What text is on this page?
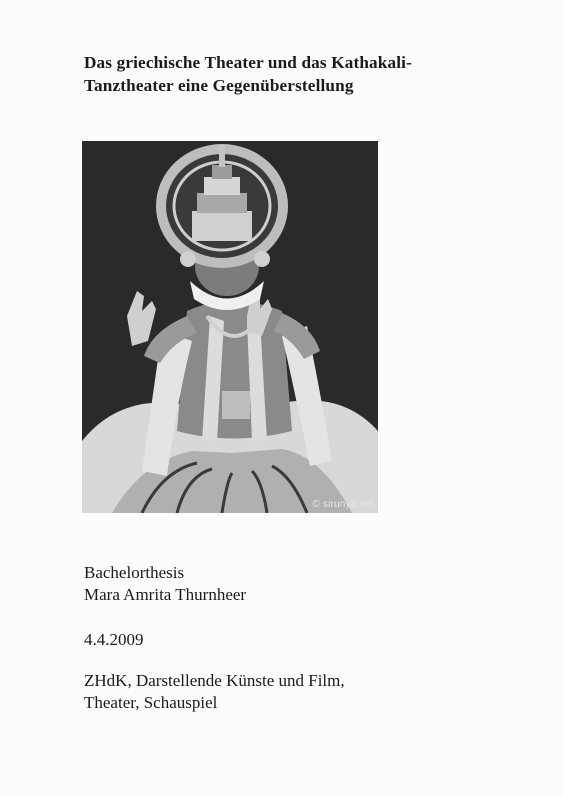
Das griechische Theater und das Kathakali-
Tanztheater eine Gegenüberstellung
© sirunya.net
Bachelorthesis
Mara Amrita Thurnheer
4.4.2009
ZHdK, Darstellende Künste und Film,
Theater, Schauspiel
